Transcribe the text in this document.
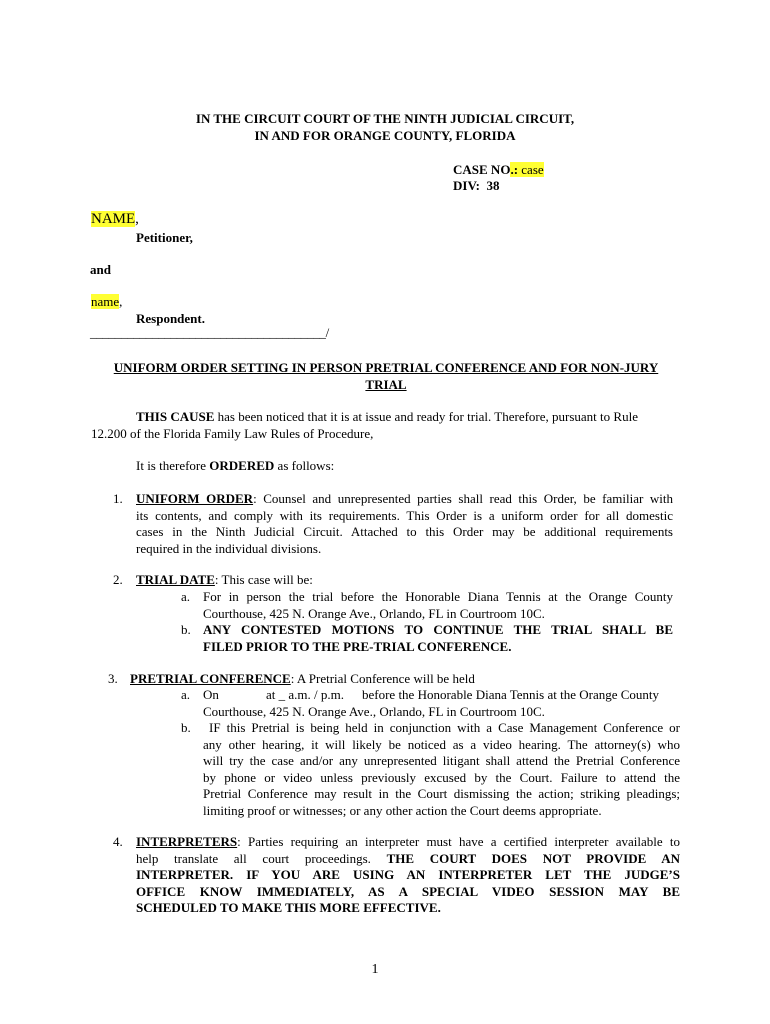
IN THE CIRCUIT COURT OF THE NINTH JUDICIAL CIRCUIT,
IN AND FOR ORANGE COUNTY, FLORIDA
CASE NO.: case
DIV: 38
NAME,
Petitioner,
and
name,
Respondent.
______________________________________/
UNIFORM ORDER SETTING IN PERSON PRETRIAL CONFERENCE AND FOR NON-JURY
TRIAL
THIS CAUSE has been noticed that it is at issue and ready for trial. Therefore, pursuant to Rule
12.200 of the Florida Family Law Rules of Procedure,
It is therefore ORDERED as follows:
1. UNIFORM ORDER: Counsel and unrepresented parties shall read this Order, be familiar with
its contents, and comply with its requirements. This Order is a uniform order for all domestic
cases in the Ninth Judicial Circuit. Attached to this Order may be additional requirements
required in the individual divisions.
2. TRIAL DATE: This case will be:
a. For in person the trial before the Honorable Diana Tennis at the Orange County
Courthouse, 425 N. Orange Ave., Orlando, FL in Courtroom 10C.
b. ANY CONTESTED MOTIONS TO CONTINUE THE TRIAL SHALL BE
FILED PRIOR TO THE PRE-TRIAL CONFERENCE.
3. PRETRIAL CONFERENCE: A Pretrial Conference will be held
a. On	at _ a.m. / p.m. before the Honorable Diana Tennis at the Orange County
Courthouse, 425 N. Orange Ave., Orlando, FL in Courtroom 10C.
b. IF this Pretrial is being held in conjunction with a Case Management Conference or
any other hearing, it will likely be noticed as a video hearing. The attorney(s) who
will try the case and/or any unrepresented litigant shall attend the Pretrial Conference
by phone or video unless previously excused by the Court. Failure to attend the
Pretrial Conference may result in the Court dismissing the action; striking pleadings;
limiting proof or witnesses; or any other action the Court deems appropriate.
4. INTERPRETERS: Parties requiring an interpreter must have a certified interpreter available to
help translate all court proceedings. THE COURT DOES NOT PROVIDE AN
INTERPRETER. IF YOU ARE USING AN INTERPRETER LET THE JUDGE’S
OFFICE KNOW IMMEDIATELY, AS A SPECIAL VIDEO SESSION MAY BE
SCHEDULED TO MAKE THIS MORE EFFECTIVE.
1
